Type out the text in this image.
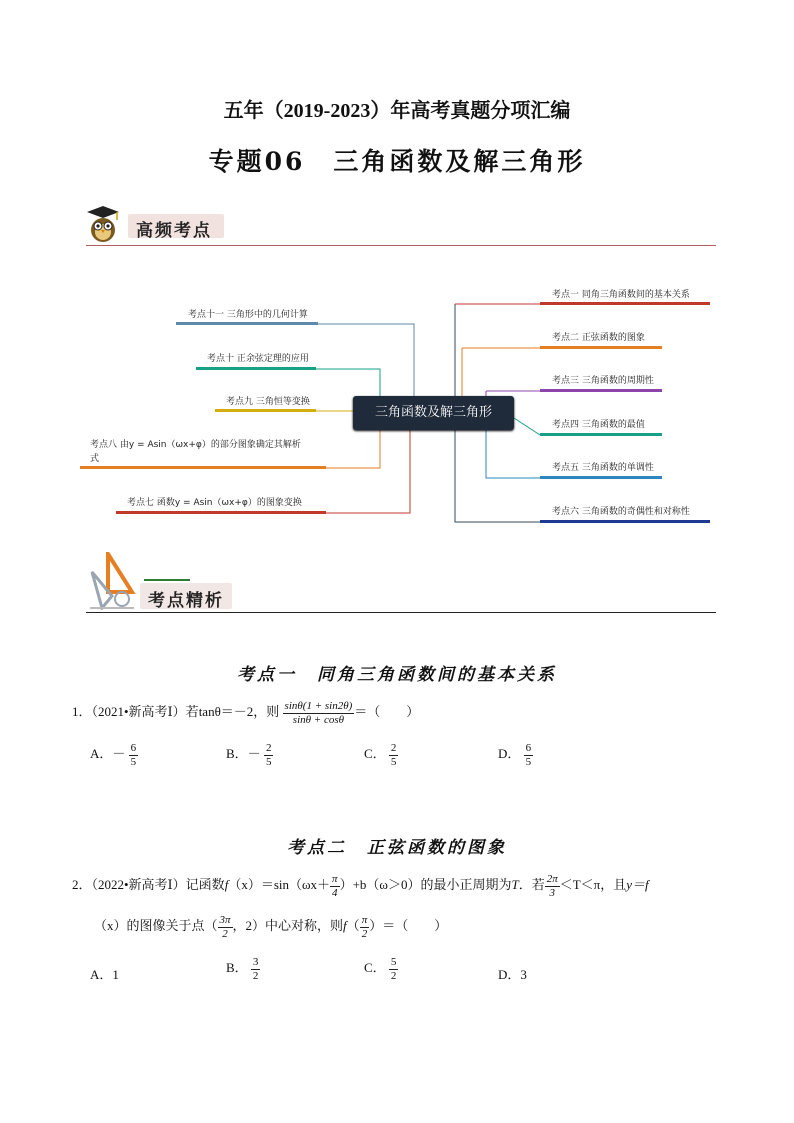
五年（2019-2023）年高考真题分项汇编
专题06　三角函数及解三角形
高频考点
考点一 同角三角函数间的基本关系
考点二 正弦函数的图象
考点三 三角函数的周期性
考点四 三角函数的最值
考点五 三角函数的单调性
考点六 三角函数的奇偶性和对称性
考点十一 三角形中的几何计算
考点十 正余弦定理的应用
考点九 三角恒等变换
考点八 由y = Asin（ωx+φ）的部分图象确定其解析
式
考点七 函数y = Asin（ωx+φ）的图象变换
三角函数及解三角形
考点精析
考点一　同角三角函数间的基本关系
1．（2021•新高考Ⅰ）若tanθ＝－2，则 $\frac{\sin\theta(1 + \sin 2\theta)}{\sin\theta + \cos\theta}$ ＝（　　）
A．－ $\frac{6}{5}$	B．－ $\frac{2}{5}$	C． $\frac{2}{5}$	D． $\frac{6}{5}$
考点二　正弦函数的图象
2．（2022•新高考Ⅰ）记函数$f(x)=\sin(\omega x+ \frac{\pi}{4} )+b(\omega>0)$的最小正周期为T．若 $\frac{2\pi}{3} <T<\pi$，且y＝f
（x）的图像关于点（ $\frac{3\pi}{2}$ ，2）中心对称，则$f( \frac{\pi}{2}$ ）＝（　　）
A．1	B． $\frac{3}{2}$	C． $\frac{5}{2}$	D．3
